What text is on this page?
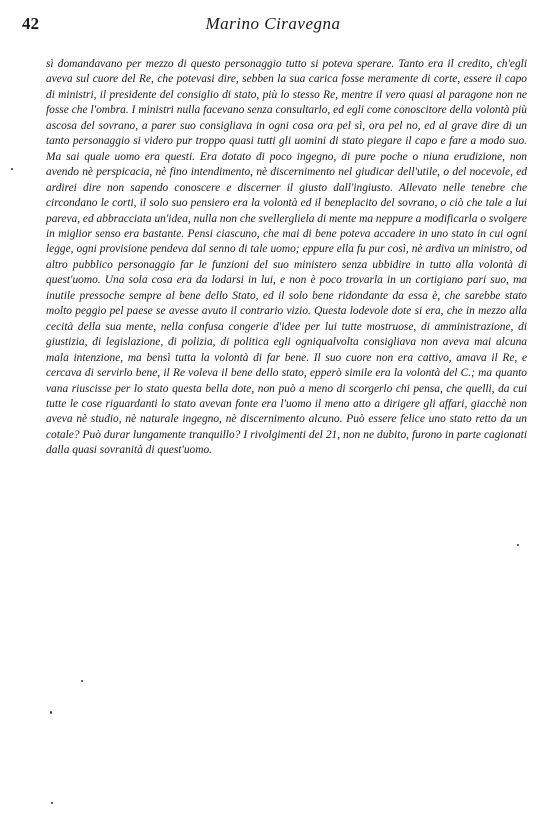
42	Marino Ciravegna

sì domandavano per mezzo di questo personaggio tutto si poteva sperare. Tanto era il credito, ch'egli aveva sul cuore del Re, che potevasi dire, sebben la sua carica fosse meramente di corte, essere il capo di ministri, il presidente del consiglio di stato, più lo stesso Re, mentre il vero quasi al paragone non ne fosse che l'ombra. I ministri nulla facevano senza consultarlo, ed egli come conoscitore della volontà più ascosa del sovrano, a parer suo consigliava in ogni cosa ora pel sì, ora pel no, ed al grave dire di un tanto personaggio si videro pur troppo quasi tutti gli uomini di stato piegare il capo e fare a modo suo. Ma sai quale uomo era questi. Era dotato di poco ingegno, di pure poche o niuna erudizione, non avendo nè perspicacia, nè fino intendimento, nè discernimento nel giudicar dell'utile, o del nocevole, ed ardirei dire non sapendo conoscere e discerner il giusto dall'ingiusto. Allevato nelle tenebre che circondano le corti, il solo suo pensiero era la volontà ed il beneplacito del sovrano, o ciò che tale a lui pareva, ed abbracciata un'idea, nulla non che svellergliela di mente ma neppure a modificarla o svolgere in miglior senso era bastante. Pensi ciascuno, che mai di bene poteva accadere in uno stato in cui ogni legge, ogni provisione pendeva dal senno di tale uomo; eppure ella fu pur così, nè ardiva un ministro, od altro pubblico personaggio far le funzioni del suo ministero senza ubbidire in tutto alla volontà di quest'uomo. Una sola cosa era da lodarsi in lui, e non è poco trovarla in un cortigiano pari suo, ma inutile pressoche sempre al bene dello Stato, ed il solo bene ridondante da essa è, che sarebbe stato molto peggio pel paese se avesse avuto il contrario vizio. Questa lodevole dote si era, che in mezzo alla cecità della sua mente, nella confusa congerie d'idee per lui tutte mostruose, di amministrazione, di giustizia, di legislazione, di polizia, di politica egli ogniqualvolta consigliava non aveva mai alcuna mala intenzione, ma bensì tutta la volontà di far bene. Il suo cuore non era cattivo, amava il Re, e cercava di servirlo bene, il Re voleva il bene dello stato, epperò simile era la volontà del C.; ma quanto vana riuscisse per lo stato questa bella dote, non può a meno di scorgerlo chi pensa, che quelli, da cui tutte le cose riguardanti lo stato avevan fonte era l'uomo il meno atto a dirigere gli affari, giacchè non aveva nè studio, nè naturale ingegno, nè discernimento alcuno. Può essere felice uno stato retto da un cotale? Può durar lungamente tranquillo? I rivolgimenti del 21, non ne dubito, furono in parte cagionati dalla quasi sovranità di quest'uomo.
